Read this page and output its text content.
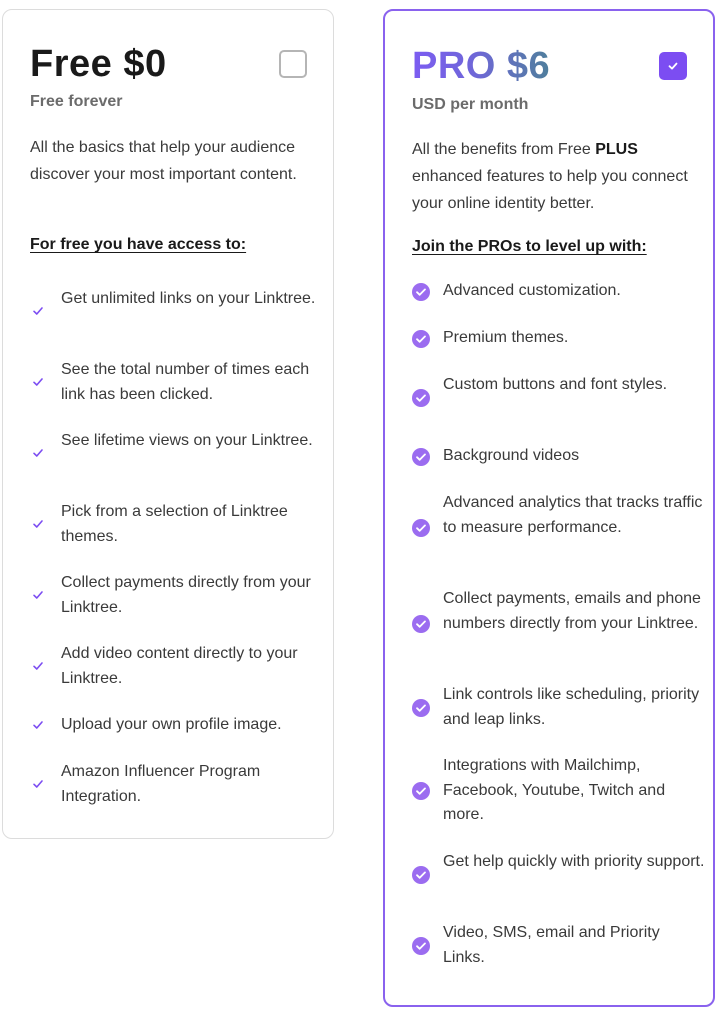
Free $0

Free forever

All the basics that help your audience discover your most important content.

For free you have access to:

Get unlimited links on your Linktree.

See the total number of times each link has been clicked.

See lifetime views on your Linktree.

Pick from a selection of Linktree themes.

Collect payments directly from your Linktree.

Add video content directly to your Linktree.

Upload your own profile image.

Amazon Influencer Program Integration.

PRO $6

USD per month

All the benefits from Free PLUS enhanced features to help you connect your online identity better.

Join the PROs to level up with:

Advanced customization.

Premium themes.

Custom buttons and font styles.

Background videos

Advanced analytics that tracks traffic to measure performance.

Collect payments, emails and phone numbers directly from your Linktree.

Link controls like scheduling, priority and leap links.

Integrations with Mailchimp, Facebook, Youtube, Twitch and more.

Get help quickly with priority support.

Video, SMS, email and Priority Links.
